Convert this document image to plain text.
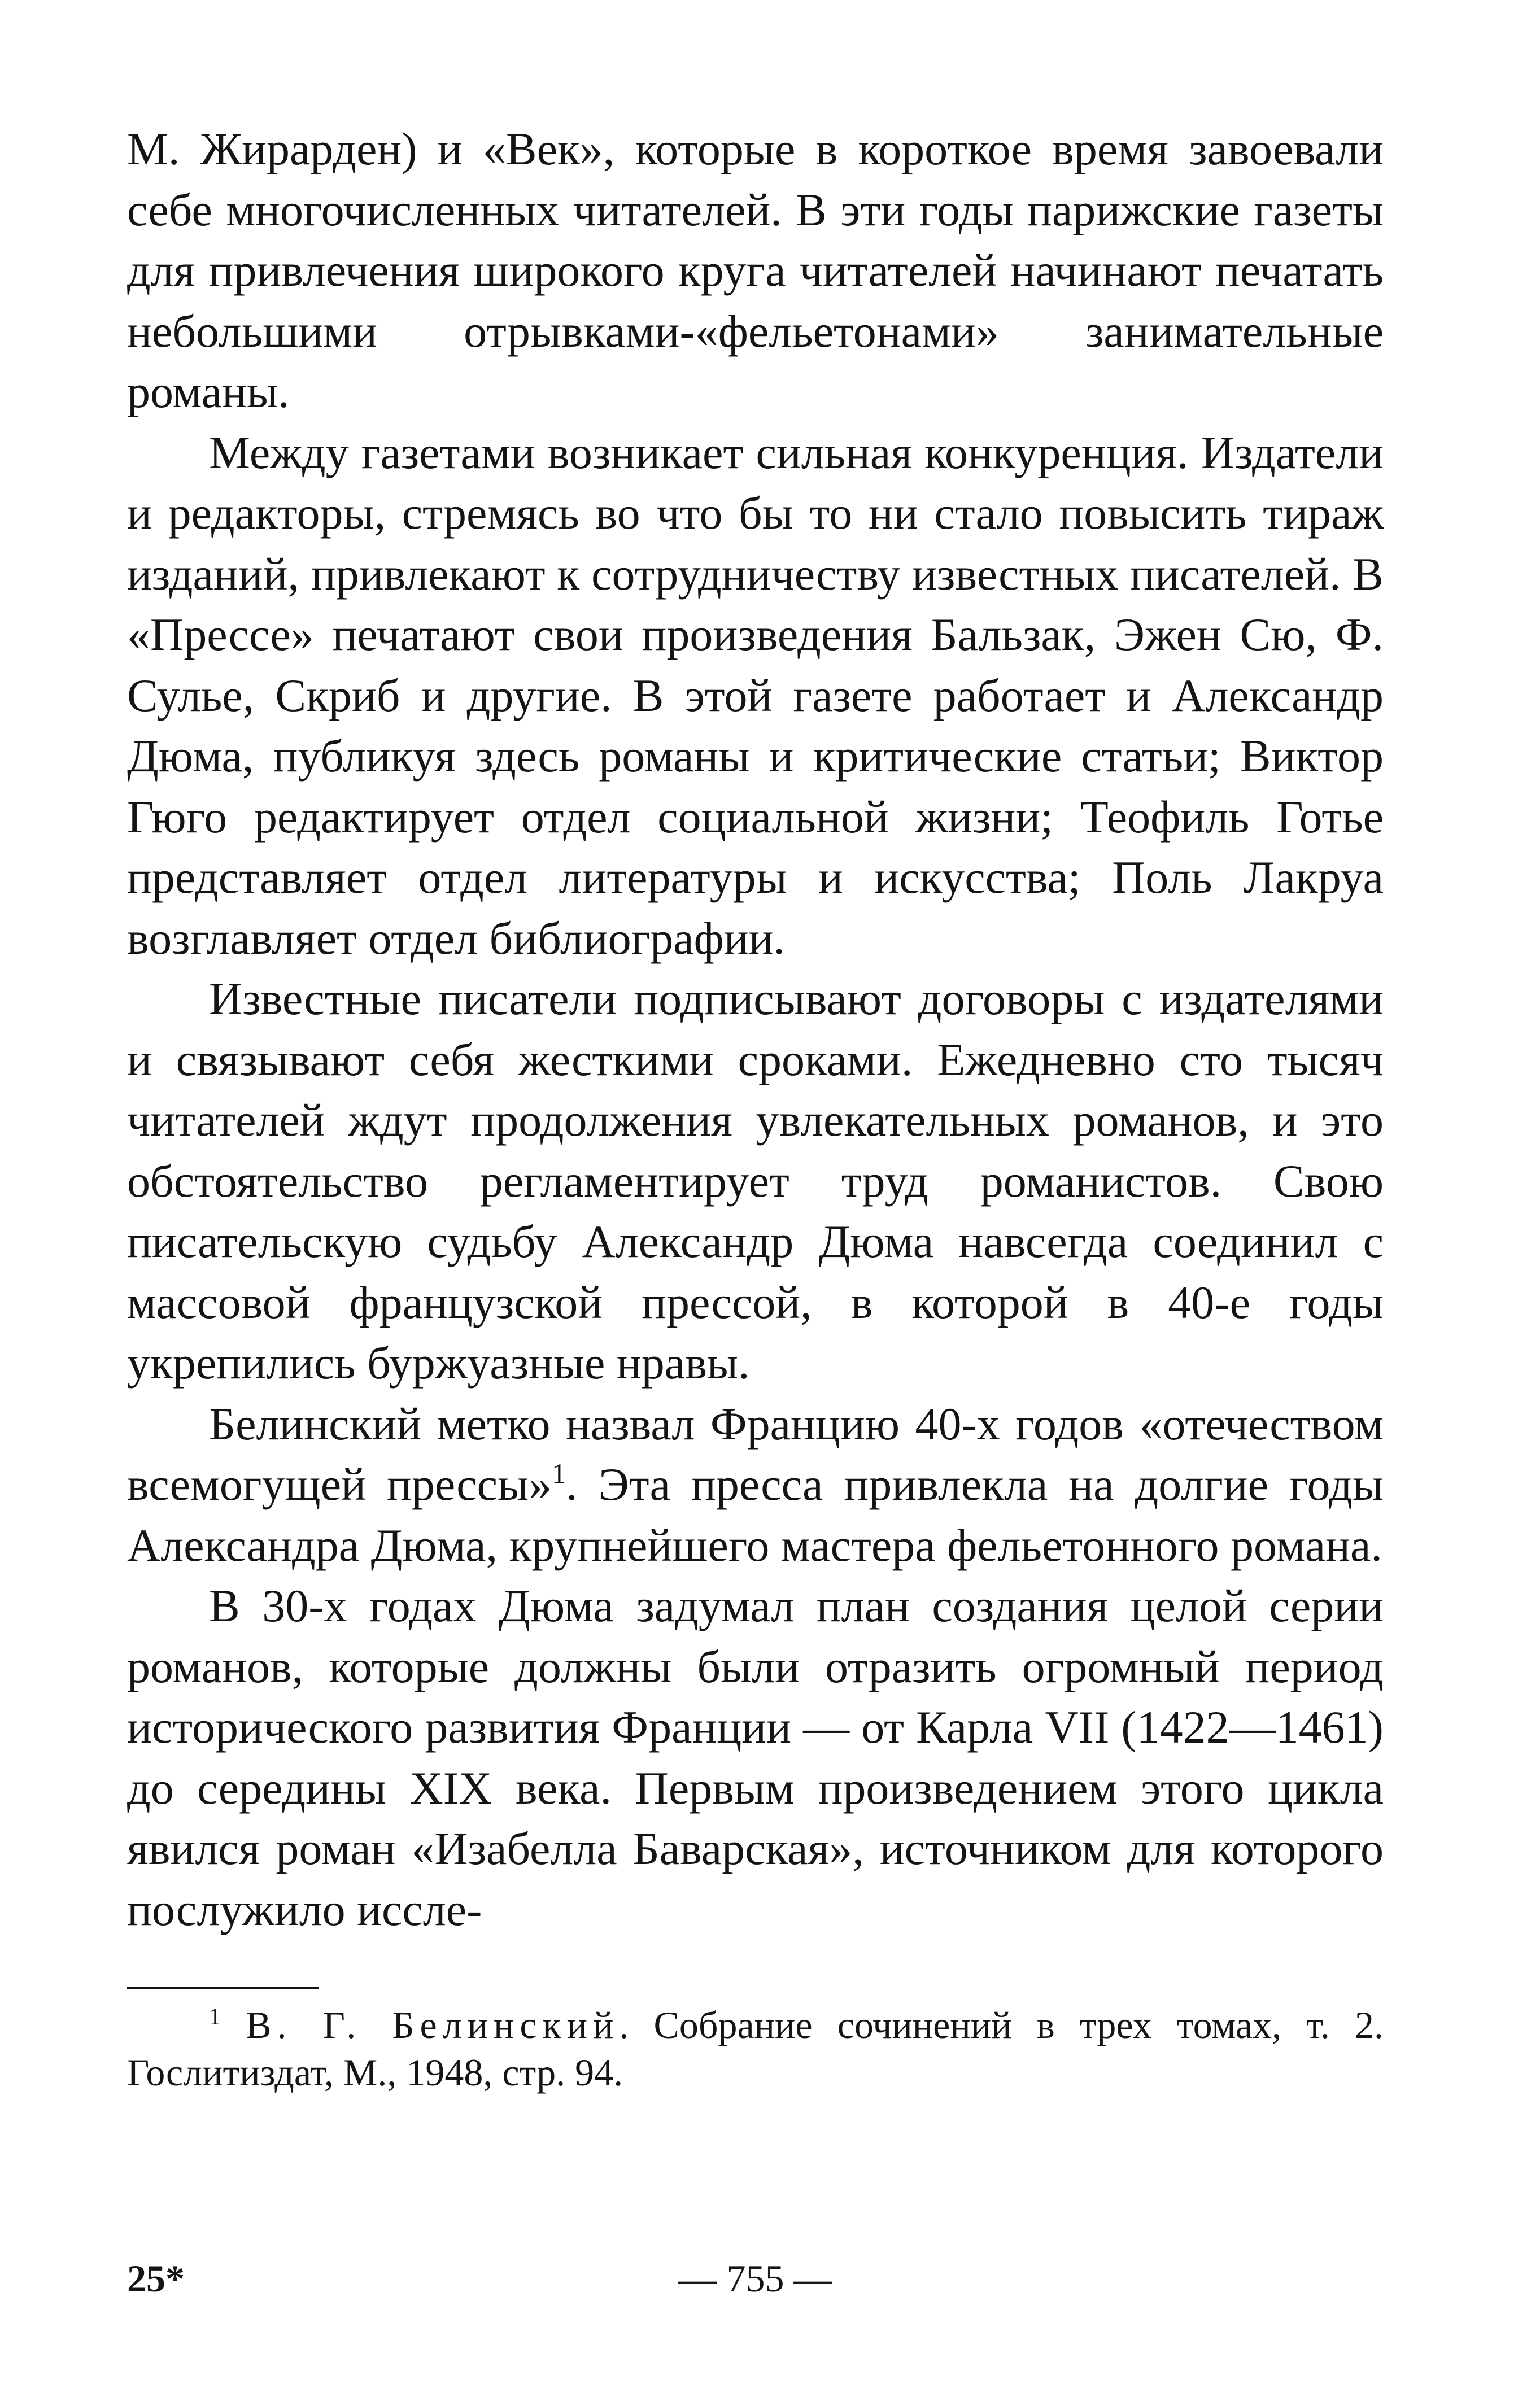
М. Жирарден) и «Век», которые в короткое время завоевали себе многочисленных читателей. В эти годы парижские газеты для привлечения широкого круга читателей начинают печатать небольшими отрывками-«фельетонами» занимательные романы.

Между газетами возникает сильная конкуренция. Издатели и редакторы, стремясь во что бы то ни стало повысить тираж изданий, привлекают к сотрудничеству известных писателей. В «Прессе» печатают свои произведения Бальзак, Эжен Сю, Ф. Сулье, Скриб и другие. В этой газете работает и Александр Дюма, публикуя здесь романы и критические статьи; Виктор Гюго редактирует отдел социальной жизни; Теофиль Готье представляет отдел литературы и искусства; Поль Лакруа возглавляет отдел библиографии.

Известные писатели подписывают договоры с издателями и связывают себя жесткими сроками. Ежедневно сто тысяч читателей ждут продолжения увлекательных романов, и это обстоятельство регламентирует труд романистов. Свою писательскую судьбу Александр Дюма навсегда соединил с массовой французской прессой, в которой в 40-е годы укрепились буржуазные нравы.

Белинский метко назвал Францию 40-х годов «отечеством всемогущей прессы»$^1$. Эта пресса привлекла на долгие годы Александра Дюма, крупнейшего мастера фельетонного романа.

В 30-х годах Дюма задумал план создания целой серии романов, которые должны были отразить огромный период исторического развития Франции — от Карла VII (1422—1461) до середины XIX века. Первым произведением этого цикла явился роман «Изабелла Баварская», источником для которого послужило иссле-

$^1$ В. Г. Белинский. Собрание сочинений в трех томах, т. 2. Гослитиздат, М., 1948, стр. 94.

25*	— 755 —
